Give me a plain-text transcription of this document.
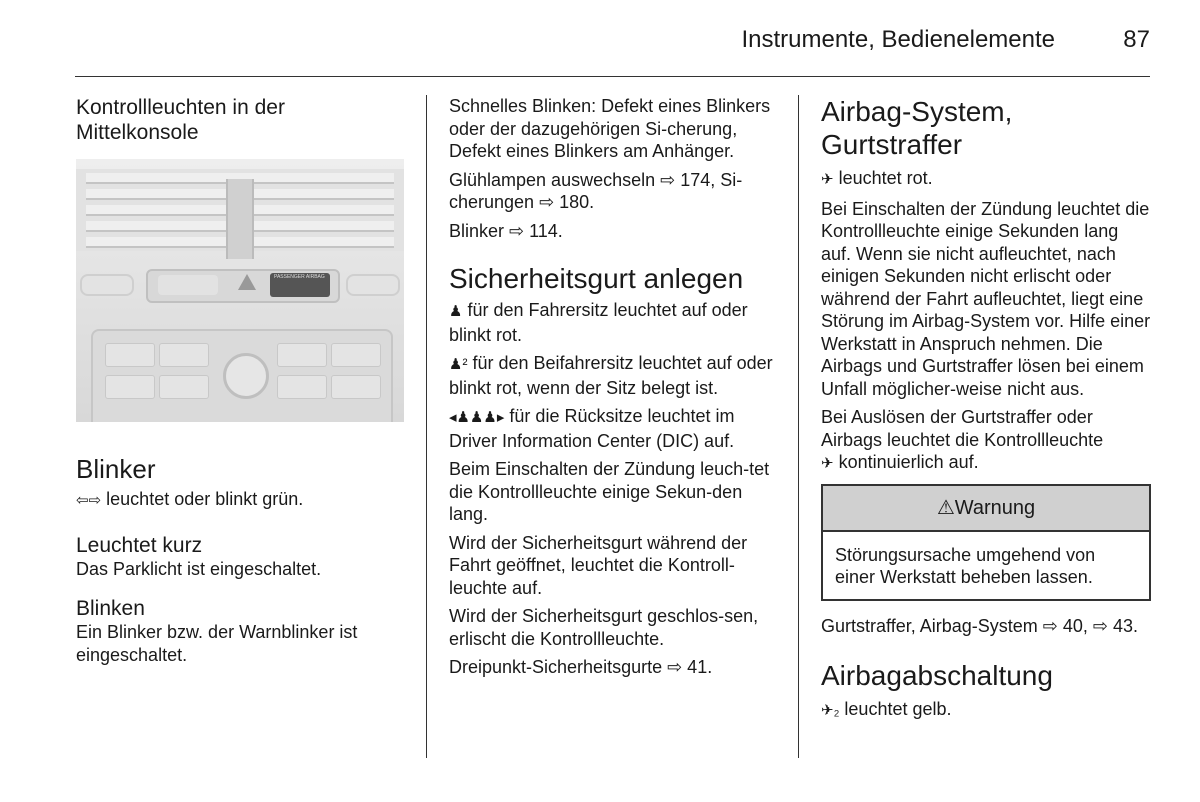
Instrumente, Bedienelemente	87
Kontrollleuchten in der Mittelkonsole
PASSENGER AIRBAG
Blinker

⇦⇨ leuchtet oder blinkt grün.

Leuchtet kurz

Das Parklicht ist eingeschaltet.

Blinken

Ein Blinker bzw. der Warnblinker ist eingeschaltet.

Schnelles Blinken: Defekt eines Blinkers oder der dazugehörigen Si-cherung, Defekt eines Blinkers am Anhänger.

Glühlampen auswechseln ⇨ 174, Si-cherungen ⇨ 180.

Blinker ⇨ 114.

Sicherheitsgurt anlegen

♟ für den Fahrersitz leuchtet auf oder blinkt rot.

♟² für den Beifahrersitz leuchtet auf oder blinkt rot, wenn der Sitz belegt ist.

◂♟♟♟▸ für die Rücksitze leuchtet im Driver Information Center (DIC) auf.

Beim Einschalten der Zündung leuch-tet die Kontrollleuchte einige Sekun-den lang.

Wird der Sicherheitsgurt während der Fahrt geöffnet, leuchtet die Kontroll-leuchte auf.

Wird der Sicherheitsgurt geschlos-sen, erlischt die Kontrollleuchte.

Dreipunkt-Sicherheitsgurte ⇨ 41.

Airbag-System, Gurtstraffer

✈ leuchtet rot.

Bei Einschalten der Zündung leuchtet die Kontrollleuchte einige Sekunden lang auf. Wenn sie nicht aufleuchtet, nach einigen Sekunden nicht erlischt oder während der Fahrt aufleuchtet, liegt eine Störung im Airbag-System vor. Hilfe einer Werkstatt in Anspruch nehmen. Die Airbags und Gurtstraffer lösen bei einem Unfall möglicher-weise nicht aus.

Bei Auslösen der Gurtstraffer oder Airbags leuchtet die Kontrollleuchte
✈ kontinuierlich auf.

⚠Warnung
Störungsursache umgehend von einer Werkstatt beheben lassen.

Gurtstraffer, Airbag-System ⇨ 40, ⇨ 43.

Airbagabschaltung

✈₂ leuchtet gelb.
